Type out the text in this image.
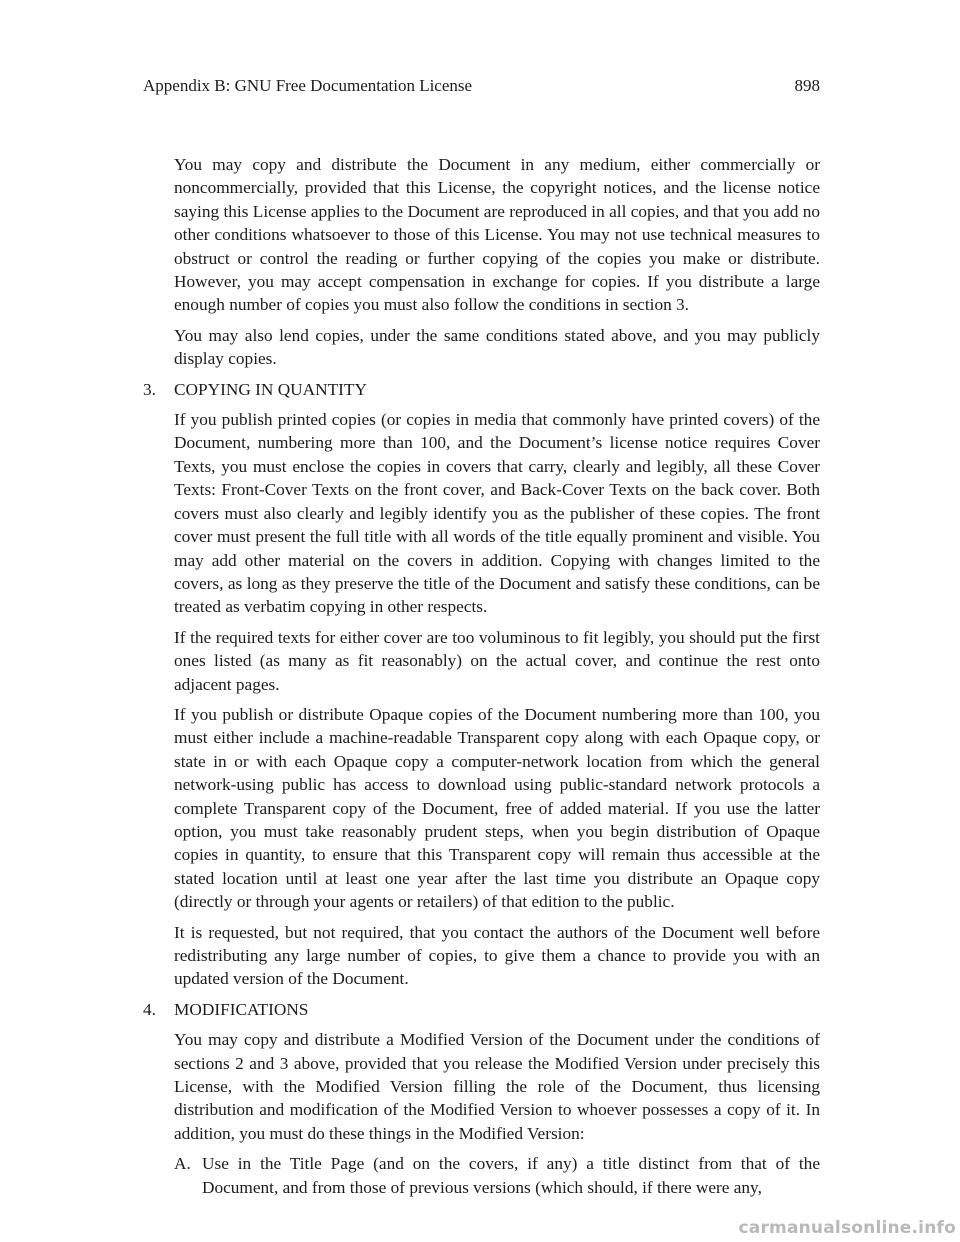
Appendix B: GNU Free Documentation License	898

You may copy and distribute the Document in any medium, either commercially or noncommercially, provided that this License, the copyright notices, and the license notice saying this License applies to the Document are reproduced in all copies, and that you add no other conditions whatsoever to those of this License. You may not use technical measures to obstruct or control the reading or further copying of the copies you make or distribute. However, you may accept compensation in exchange for copies. If you distribute a large enough number of copies you must also follow the conditions in section 3.

You may also lend copies, under the same conditions stated above, and you may publicly display copies.

3.	COPYING IN QUANTITY

If you publish printed copies (or copies in media that commonly have printed covers) of the Document, numbering more than 100, and the Document’s license notice requires Cover Texts, you must enclose the copies in covers that carry, clearly and legibly, all these Cover Texts: Front-Cover Texts on the front cover, and Back-Cover Texts on the back cover. Both covers must also clearly and legibly identify you as the publisher of these copies. The front cover must present the full title with all words of the title equally prominent and visible. You may add other material on the covers in addition. Copying with changes limited to the covers, as long as they preserve the title of the Document and satisfy these conditions, can be treated as verbatim copying in other respects.

If the required texts for either cover are too voluminous to fit legibly, you should put the first ones listed (as many as fit reasonably) on the actual cover, and continue the rest onto adjacent pages.

If you publish or distribute Opaque copies of the Document numbering more than 100, you must either include a machine-readable Transparent copy along with each Opaque copy, or state in or with each Opaque copy a computer-network location from which the general network-using public has access to download using public-standard network protocols a complete Transparent copy of the Document, free of added material. If you use the latter option, you must take reasonably prudent steps, when you begin distribution of Opaque copies in quantity, to ensure that this Transparent copy will remain thus accessible at the stated location until at least one year after the last time you distribute an Opaque copy (directly or through your agents or retailers) of that edition to the public.

It is requested, but not required, that you contact the authors of the Document well before redistributing any large number of copies, to give them a chance to provide you with an updated version of the Document.

4.	MODIFICATIONS

You may copy and distribute a Modified Version of the Document under the conditions of sections 2 and 3 above, provided that you release the Modified Version under precisely this License, with the Modified Version filling the role of the Document, thus licensing distribution and modification of the Modified Version to whoever possesses a copy of it. In addition, you must do these things in the Modified Version:

A. Use in the Title Page (and on the covers, if any) a title distinct from that of the Document, and from those of previous versions (which should, if there were any,
carmanualsonline.info
